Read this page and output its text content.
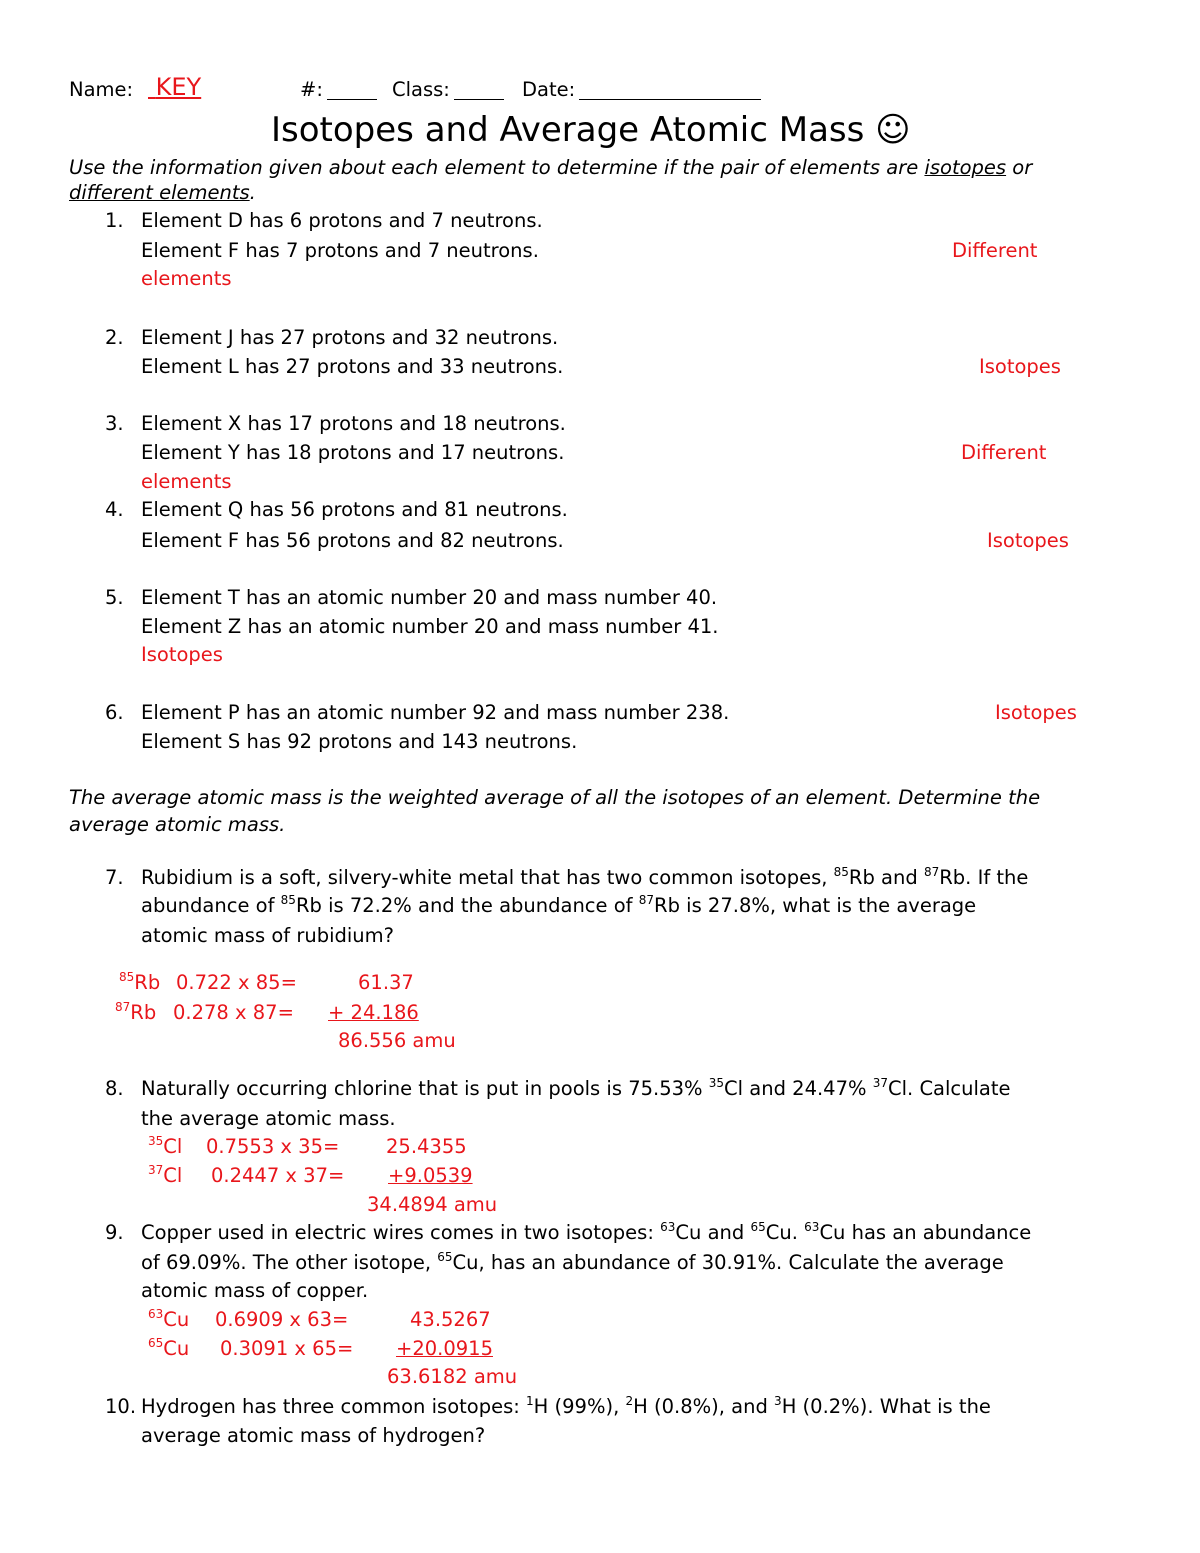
Name: KEY	#:	Class:	Date:
Isotopes and Average Atomic Mass ☺
Use the information given about each element to determine if the pair of elements are isotopes or
different elements.
1. Element D has 6 protons and 7 neutrons.
Element F has 7 protons and 7 neutrons.	Different
elements
2. Element J has 27 protons and 32 neutrons.
Element L has 27 protons and 33 neutrons.	Isotopes
3. Element X has 17 protons and 18 neutrons.
Element Y has 18 protons and 17 neutrons.	Different
elements
4. Element Q has 56 protons and 81 neutrons.
Element F has 56 protons and 82 neutrons.	Isotopes
5. Element T has an atomic number 20 and mass number 40.
Element Z has an atomic number 20 and mass number 41.
Isotopes
6. Element P has an atomic number 92 and mass number 238.
Element S has 92 protons and 143 neutrons.
Isotopes
The average atomic mass is the weighted average of all the isotopes of an element. Determine the
average atomic mass.
7. Rubidium is a soft, silvery-white metal that has two common isotopes, $^{85}$Rb and $^{87}$Rb. If the
abundance of $^{85}$Rb is 72.2% and the abundance of $^{87}$Rb is 27.8%, what is the average
atomic mass of rubidium?
$^{85}$Rb 0.722 x 85=	61.37
$^{87}$Rb 0.278 x 87= + 24.186
86.556 amu
8. Naturally occurring chlorine that is put in pools is 75.53% $^{35}$Cl and 24.47% $^{37}$Cl. Calculate
the average atomic mass.
$^{35}$Cl 0.7553 x 35= 25.4355
$^{37}$Cl 0.2447 x 37= +9.0539
34.4894 amu
9. Copper used in electric wires comes in two isotopes: $^{63}$Cu and $^{65}$Cu. $^{63}$Cu has an abundance
of 69.09%. The other isotope, $^{65}$Cu, has an abundance of 30.91%. Calculate the average
atomic mass of copper.
$^{63}$Cu 0.6909 x 63=	43.5267
$^{65}$Cu 0.3091 x 65= +20.0915
63.6182 amu
10. Hydrogen has three common isotopes: $^1$H (99%), $^2$H (0.8%), and $^3$H (0.2%). What is the
average atomic mass of hydrogen?
